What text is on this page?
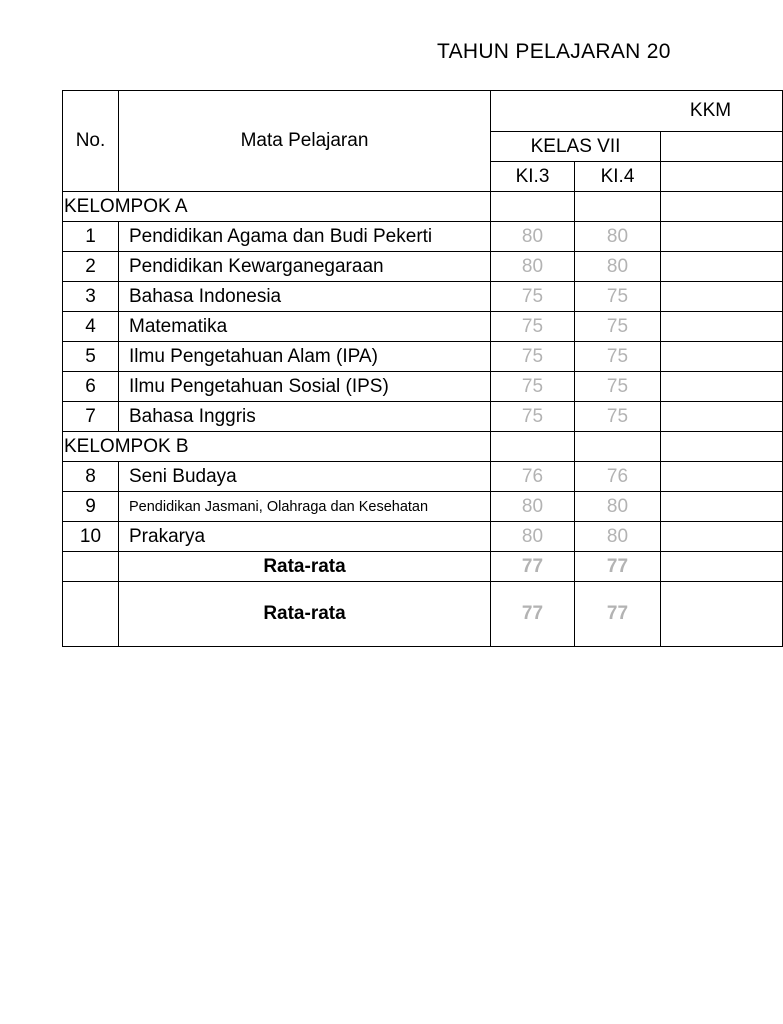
TAHUN PELAJARAN 20
No.	Mata Pelajaran	KKM		
		KELAS VII		
		KI.3	KI.4	
KELOMPOK A				
1	Pendidikan Agama dan Budi Pekerti	80	80	
2	Pendidikan Kewarganegaraan	80	80	
3	Bahasa Indonesia	75	75	
4	Matematika	75	75	
5	Ilmu Pengetahuan Alam (IPA)	75	75	
6	Ilmu Pengetahuan Sosial (IPS)	75	75	
7	Bahasa Inggris	75	75	
KELOMPOK B				
8	Seni Budaya	76	76	
9	Pendidikan Jasmani, Olahraga dan Kesehatan	80	80	
10	Prakarya	80	80	
	Rata-rata	77	77	
	Rata-rata	77	77	
